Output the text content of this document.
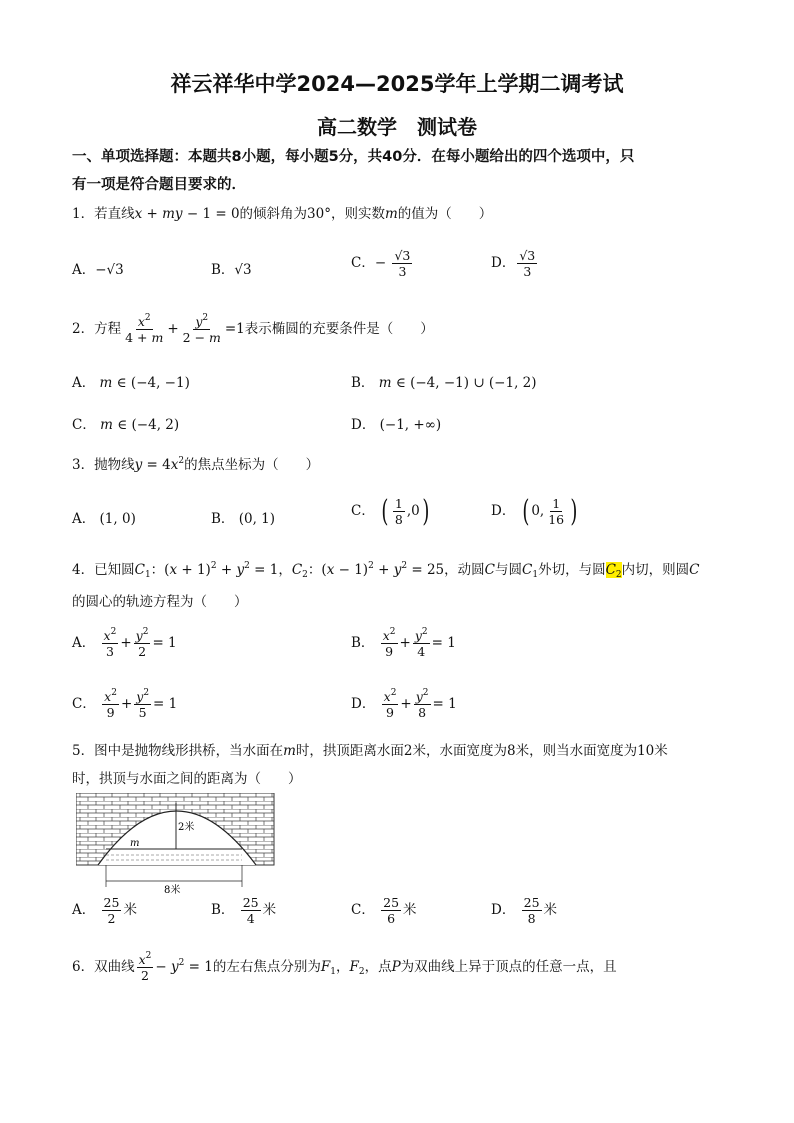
祥云祥华中学2024—2025学年上学期二调考试
高二数学　测试卷
一、单项选择题：本题共8小题，每小题5分，共40分．在每小题给出的四个选项中，只
有一项是符合题目要求的．
1．若直线x + my − 1 = 0的倾斜角为30°，则实数m的值为（　　）
A．−√3	B．√3	C．− $\frac{√3}{3}$	D． $\frac{√3}{3}$
2．方程 $\frac{x^2}{4 + m} + \frac{y^2}{2 - m} =1$表示椭圆的充要条件是（　　）
A． m ∈ (−4, −1)	B． m ∈ (−4, −1) ∪ (−1, 2)
C． m ∈ (−4, 2)	D． (−1, +∞)
3．抛物线$y = 4x^2$的焦点坐标为（　　）
A． (1, 0)	B． (0, 1)	C． ( $\frac{1}{8} ,0$)	D． ( 0, $\frac{1}{16}$ )
4．已知圆$C_1$：$(x + 1)^2 + y^2 = 1$，$C_2$：$(x - 1)^2 + y^2 = 25$，动圆C与圆$C_1$外切，与圆$C_2$内切，则圆C
的圆心的轨迹方程为（　　）
A． $\frac{x^2}{3} + \frac{y^2}{2} = 1$	B． $\frac{x^2}{9} + \frac{y^2}{4} = 1$
C． $\frac{x^2}{9} + \frac{y^2}{5} = 1$	D． $\frac{x^2}{9} + \frac{y^2}{8} = 1$
5．图中是抛物线形拱桥，当水面在m时，拱顶距离水面2米，水面宽度为8米，则当水面宽度为10米
时，拱顶与水面之间的距离为（　　）
2米
m
8米
A． $\frac{25}{2}$ 米	B． $\frac{25}{4}$ 米	C． $\frac{25}{6}$ 米	D． $\frac{25}{8}$ 米
6．双曲线 $\frac{x^2}{2} - y^2 = 1$的左右焦点分别为$F_1$，$F_2$，点P为双曲线上异于顶点的任意一点，且
